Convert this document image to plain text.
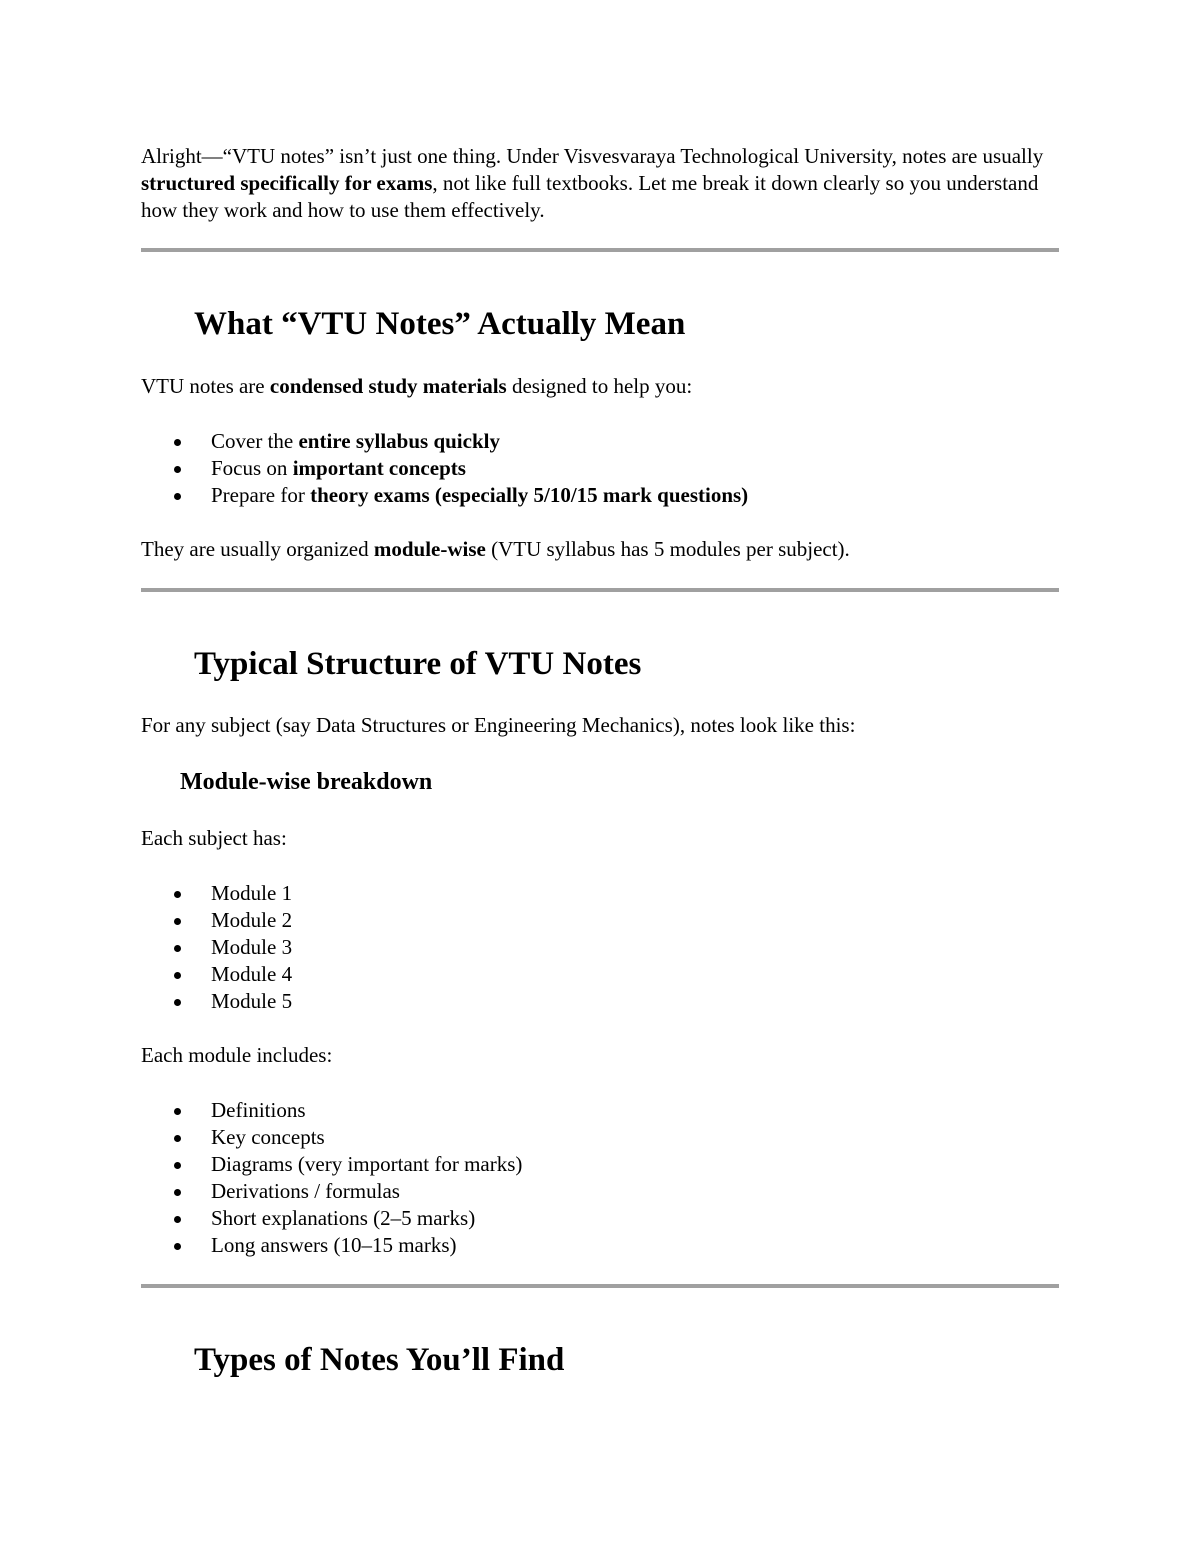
Alright—“VTU notes” isn’t just one thing. Under Visvesvaraya Technological University, notes are usually structured specifically for exams, not like full textbooks. Let me break it down clearly so you understand how they work and how to use them effectively.

What “VTU Notes” Actually Mean

VTU notes are condensed study materials designed to help you:

Cover the entire syllabus quickly
Focus on important concepts
Prepare for theory exams (especially 5/10/15 mark questions)

They are usually organized module-wise (VTU syllabus has 5 modules per subject).

Typical Structure of VTU Notes

For any subject (say Data Structures or Engineering Mechanics), notes look like this:

Module-wise breakdown

Each subject has:

Module 1
Module 2
Module 3
Module 4
Module 5

Each module includes:

Definitions
Key concepts
Diagrams (very important for marks)
Derivations / formulas
Short explanations (2–5 marks)
Long answers (10–15 marks)
Types of Notes You’ll Find
